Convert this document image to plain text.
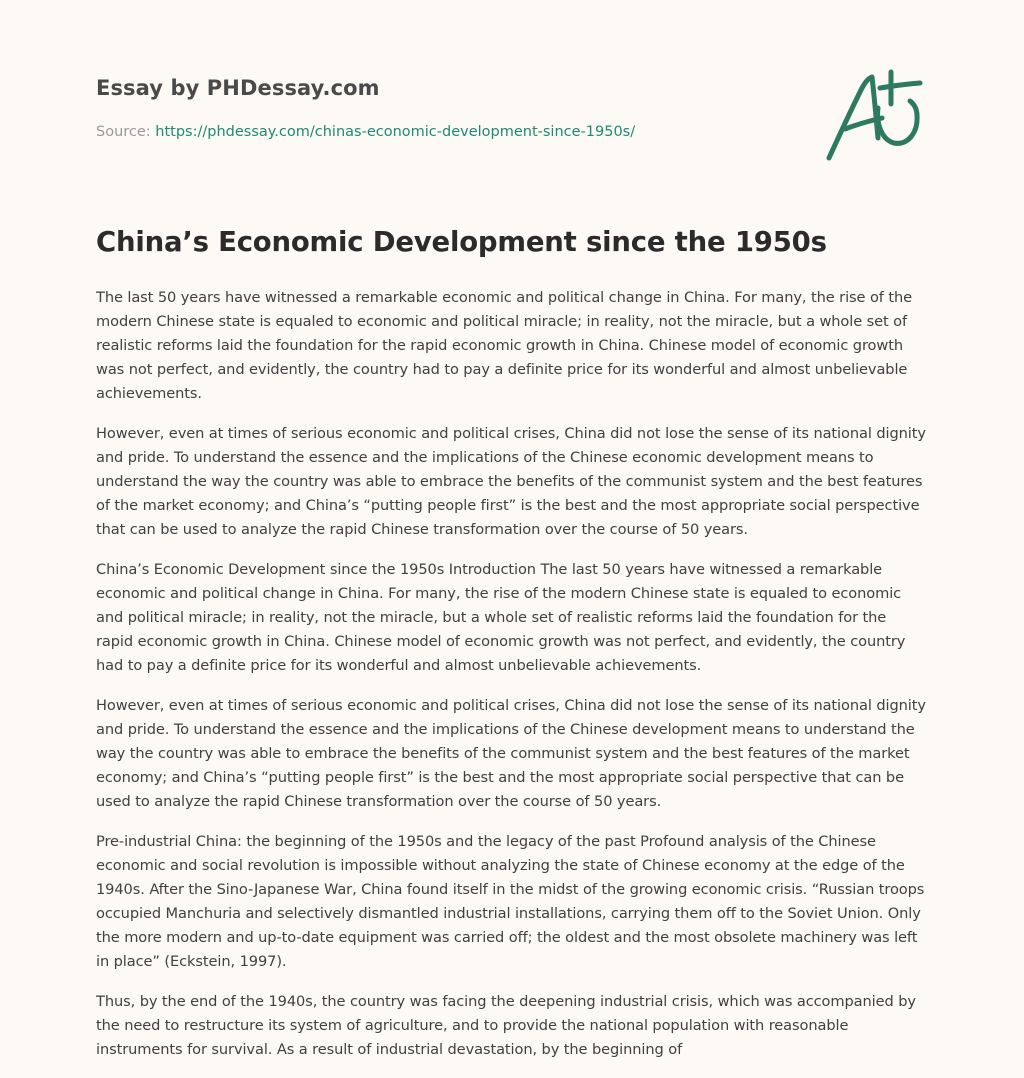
Essay by PHDessay.com
Source: https://phdessay.com/chinas-economic-development-since-1950s/
China’s Economic Development since the 1950s

The last 50 years have witnessed a remarkable economic and political change in China. For many, the rise of the modern Chinese state is equaled to economic and political miracle; in reality, not the miracle, but a whole set of realistic reforms laid the foundation for the rapid economic growth in China. Chinese model of economic growth was not perfect, and evidently, the country had to pay a definite price for its wonderful and almost unbelievable achievements.

However, even at times of serious economic and political crises, China did not lose the sense of its national dignity and pride. To understand the essence and the implications of the Chinese economic development means to understand the way the country was able to embrace the benefits of the communist system and the best features of the market economy; and China’s “putting people first” is the best and the most appropriate social perspective that can be used to analyze the rapid Chinese transformation over the course of 50 years.

China’s Economic Development since the 1950s Introduction The last 50 years have witnessed a remarkable economic and political change in China. For many, the rise of the modern Chinese state is equaled to economic and political miracle; in reality, not the miracle, but a whole set of realistic reforms laid the foundation for the rapid economic growth in China. Chinese model of economic growth was not perfect, and evidently, the country had to pay a definite price for its wonderful and almost unbelievable achievements.

However, even at times of serious economic and political crises, China did not lose the sense of its national dignity and pride. To understand the essence and the implications of the Chinese development means to understand the way the country was able to embrace the benefits of the communist system and the best features of the market economy; and China’s “putting people first” is the best and the most appropriate social perspective that can be used to analyze the rapid Chinese transformation over the course of 50 years.

Pre-industrial China: the beginning of the 1950s and the legacy of the past Profound analysis of the Chinese economic and social revolution is impossible without analyzing the state of Chinese economy at the edge of the 1940s. After the Sino-Japanese War, China found itself in the midst of the growing economic crisis. “Russian troops occupied Manchuria and selectively dismantled industrial installations, carrying them off to the Soviet Union. Only the more modern and up-to-date equipment was carried off; the oldest and the most obsolete machinery was left in place” (Eckstein, 1997).

Thus, by the end of the 1940s, the country was facing the deepening industrial crisis, which was accompanied by the need to restructure its system of agriculture, and to provide the national population with reasonable instruments for survival. As a result of industrial devastation, by the beginning of
